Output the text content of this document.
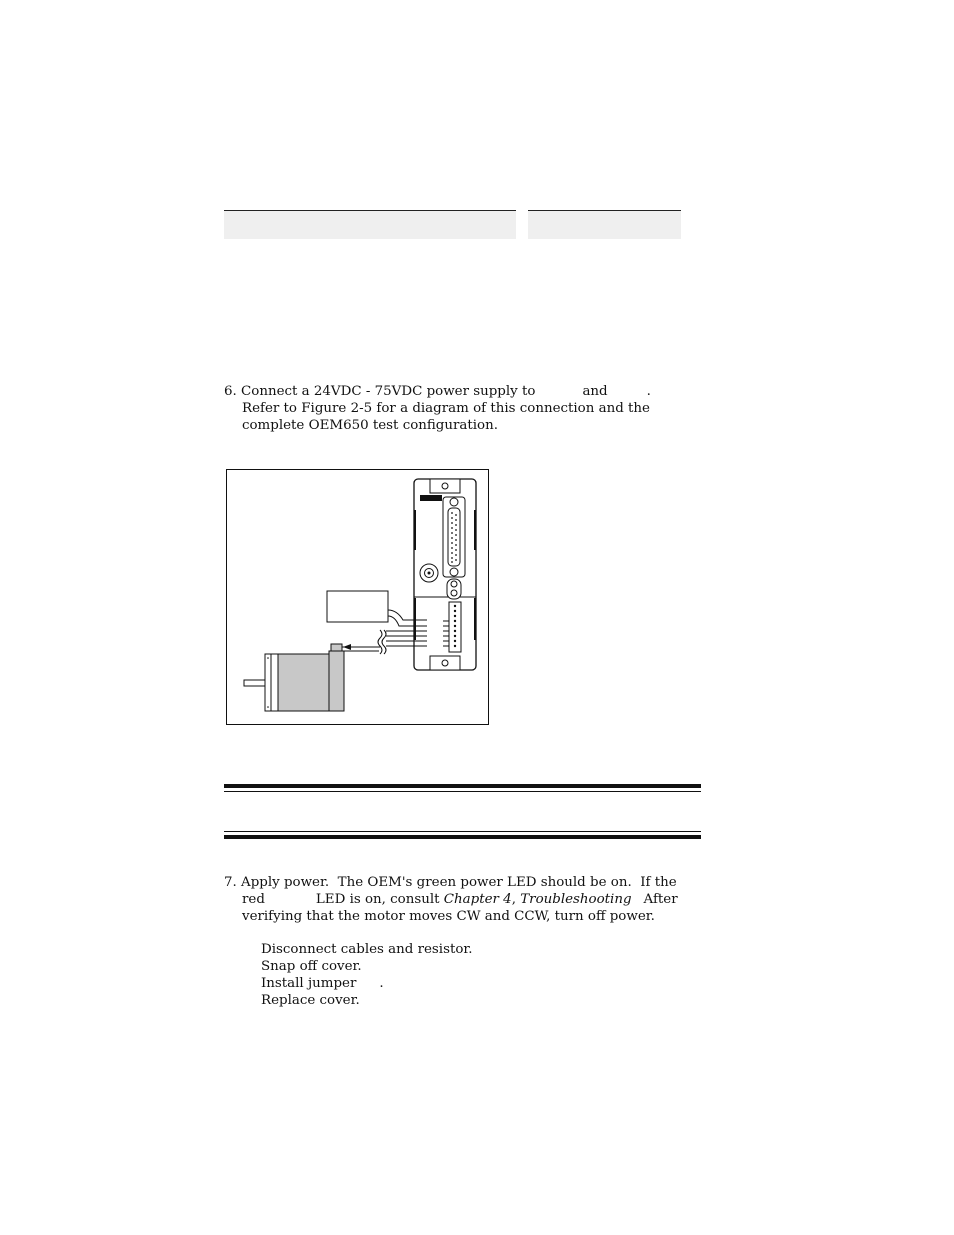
6. Connect a 24VDC - 75VDC power supply to	and	.
Refer to Figure 2-5 for a diagram of this connection and the
complete OEM650 test configuration.
7. Apply power.  The OEM's green power LED should be on.  If the
red	LED is on, consult Chapter 4, Troubleshooting After
verifying that the motor moves CW and CCW, turn off power.
Disconnect cables and resistor.
Snap off cover.
Install jumper .
Replace cover.
